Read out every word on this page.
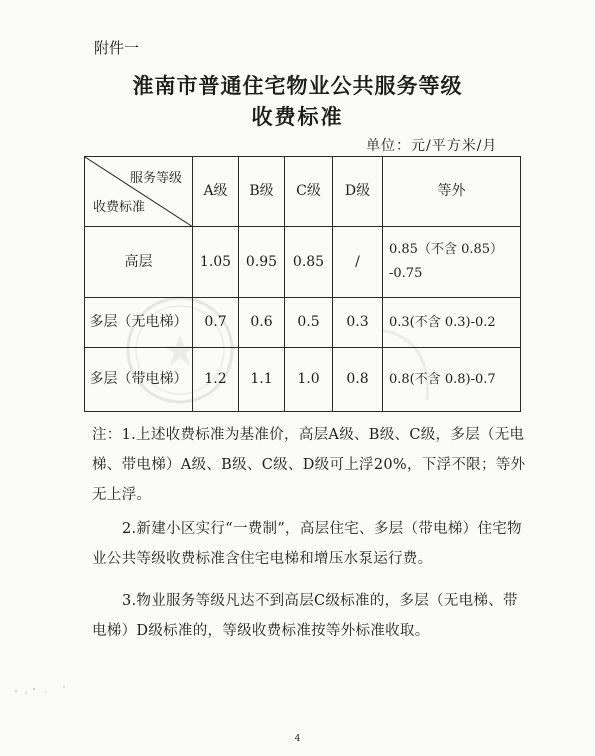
附件一
淮南市普通住宅物业公共服务等级
收费标准
单位：元/平方米/月
服务等级
收费标准	A级	B级	C级	D级	等外
高层	1.05	0.95	0.85	/	0.85（不含 0.85）
-0.75

多层（无电梯）	0.7	0.6	0.5	0.3	0.3(不含 0.3)-0.2
多层（带电梯）	1.2	1.1	1.0	0.8	0.8(不含 0.8)-0.7
注：1.上述收费标准为基准价，高层A级、B级、C级，多层（无电梯、带电梯）A级、B级、C级、D级可上浮20%，下浮不限；等外无上浮。
2.新建小区实行“一费制”，高层住宅、多层（带电梯）住宅物业公共等级收费标准含住宅电梯和增压水泵运行费。
3.物业服务等级凡达不到高层C级标准的，多层（无电梯、带电梯）D级标准的，等级收费标准按等外标准收取。
4
